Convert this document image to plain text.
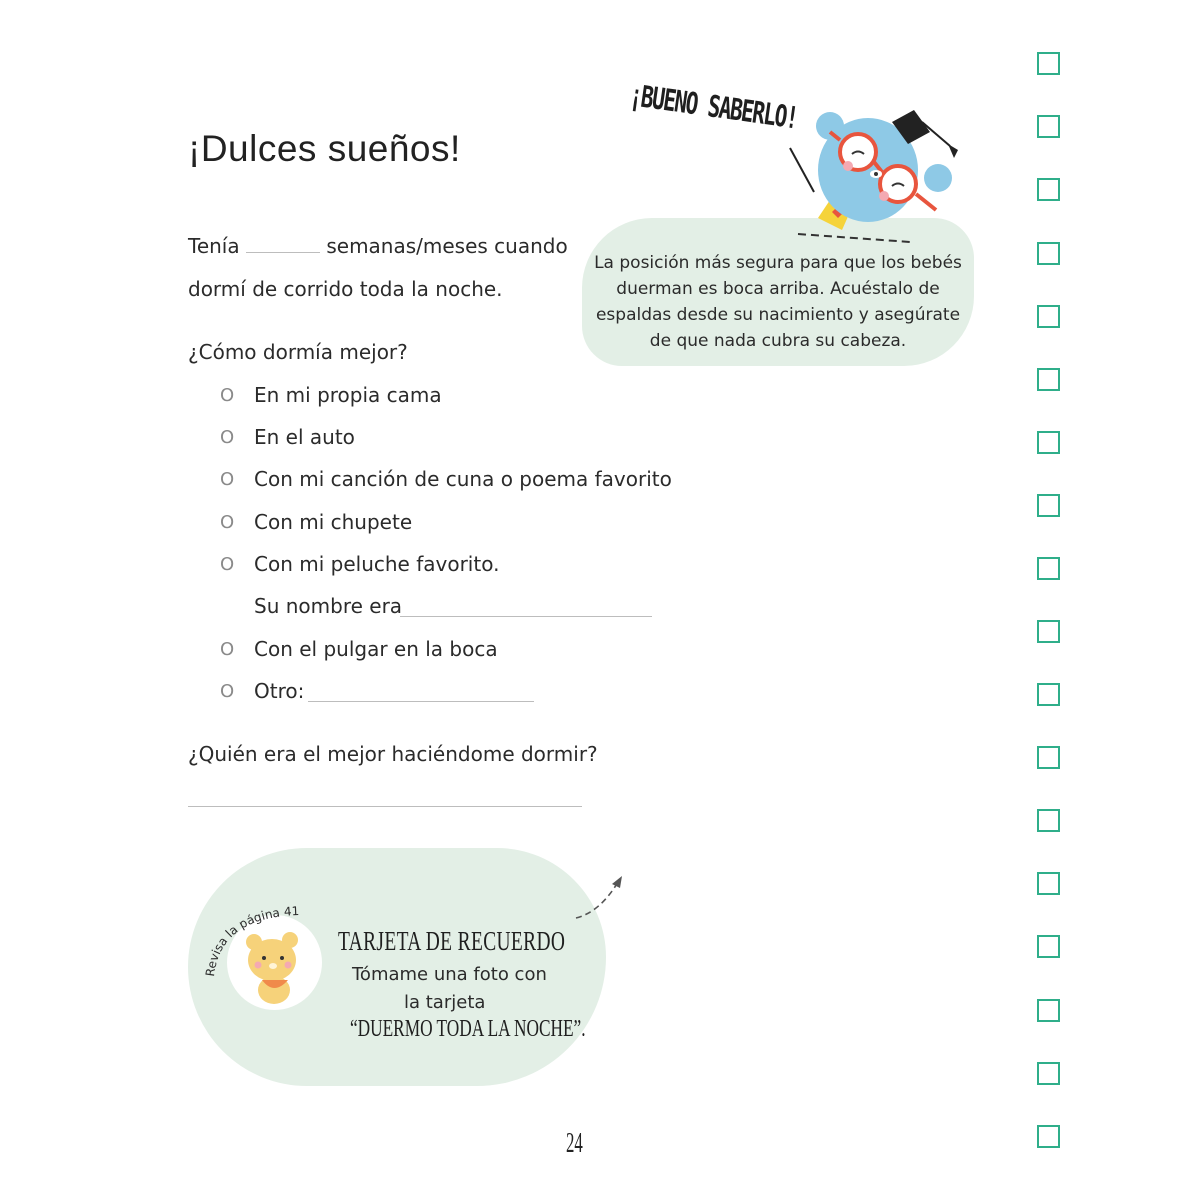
¡Dulces sueños!
Tenía	semanas/meses cuando
dormí de corrido toda la noche.
¿Cómo dormía mejor?
O En mi propia cama
O En el auto
O Con mi canción de cuna o poema favorito
O Con mi chupete
O Con mi peluche favorito.
Su nombre era
O Con el pulgar en la boca
O Otro:
¿Quién era el mejor haciéndome dormir?
La posición más segura para que los bebés
duerman es boca arriba. Acuéstalo de
espaldas desde su nacimiento y asegúrate
de que nada cubra su cabeza.
¡BUENO SABERLO!
Revisa la página 41
TARJETA DE RECUERDO
Tómame una foto con
la tarjeta
“DUERMO TODA LA NOCHE”.
24
